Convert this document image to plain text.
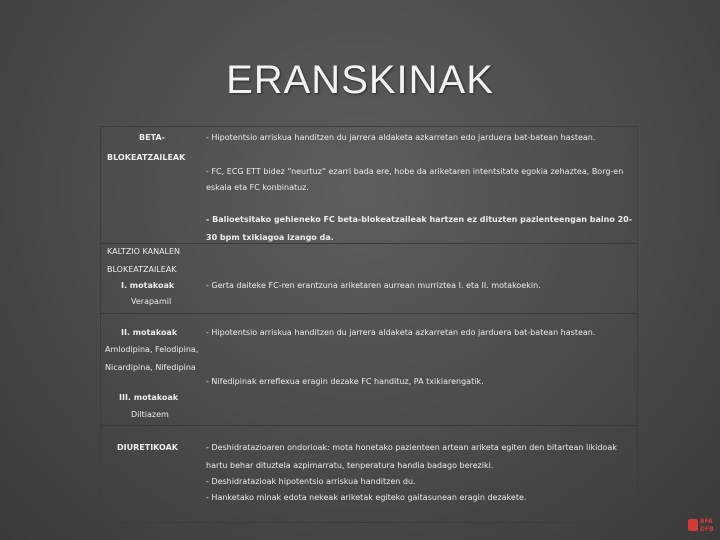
ERANSKINAK
BETA-
BLOKEATZAILEAK
- Hipotentsio arriskua handitzen du jarrera aldaketa azkarretan edo jarduera bat-batean hastean.
- FC, ECG ETT bidez “neurtuz” ezarri bada ere, hobe da ariketaren intentsitate egokia zehaztea, Borg-en
eskala eta FC konbinatuz.
- Balioetsitako gehieneko FC beta-blokeatzaileak hartzen ez dituzten pazienteengan baino 20-
30 bpm txikiagoa izango da.
KALTZIO KANALEN
BLOKEATZAILEAK
I. motakoak
Verapamil
- Gerta daiteke FC-ren erantzuna ariketaren aurrean murriztea I. eta II. motakoekin.
II. motakoak
Amlodipina, Felodipina,
Nicardipina, Nifedipina
- Hipotentsio arriskua handitzen du jarrera aldaketa azkarretan edo jarduera bat-batean hastean.
- Nifedipinak erreflexua eragin dezake FC handituz, PA txikiarengatik.
III. motakoak
Diltiazem
DIURETIKOAK	- Deshidratazioaren ondorioak: mota honetako pazienteen artean ariketa egiten den bitartean likidoak
hartu behar dituztela azpimarratu, tenperatura handia badago bereziki.
- Deshidratazioak hipotentsio arriskua handitzen du.
- Hanketako minak edota nekeak ariketak egiteko gaitasunean eragin dezakete.
BFA
DFB
